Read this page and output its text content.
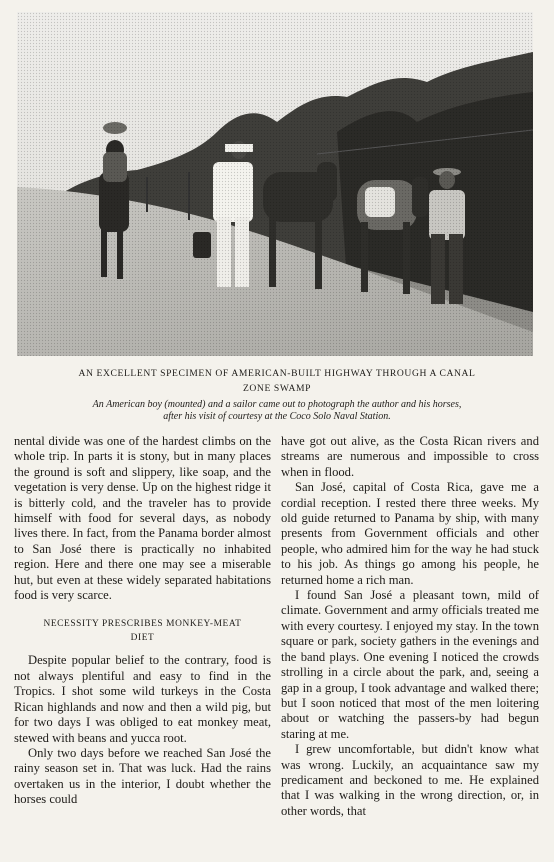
AN EXCELLENT SPECIMEN OF AMERICAN-BUILT HIGHWAY THROUGH A CANAL
ZONE SWAMP
An American boy (mounted) and a sailor came out to photograph the author and his horses,
after his visit of courtesy at the Coco Solo Naval Station.

nental divide was one of the hardest climbs on the whole trip. In parts it is stony, but in many places the ground is soft and slippery, like soap, and the vegetation is very dense. Up on the highest ridge it is bitterly cold, and the traveler has to provide himself with food for several days, as nobody lives there. In fact, from the Panama border almost to San José there is practically no inhabited region. Here and there one may see a miserable hut, but even at these widely separated habitations food is very scarce.

NECESSITY PRESCRIBES MONKEY-MEAT
DIET

Despite popular belief to the contrary, food is not always plentiful and easy to find in the Tropics. I shot some wild turkeys in the Costa Rican highlands and now and then a wild pig, but for two days I was obliged to eat monkey meat, stewed with beans and yucca root.

Only two days before we reached San José the rainy season set in. That was luck. Had the rains overtaken us in the interior, I doubt whether the horses could

have got out alive, as the Costa Rican rivers and streams are numerous and impossible to cross when in flood.

San José, capital of Costa Rica, gave me a cordial reception. I rested there three weeks. My old guide returned to Panama by ship, with many presents from Government officials and other people, who admired him for the way he had stuck to his job. As things go among his people, he returned home a rich man.

I found San José a pleasant town, mild of climate. Government and army officials treated me with every courtesy. I enjoyed my stay. In the town square or park, society gathers in the evenings and the band plays. One evening I noticed the crowds strolling in a circle about the park, and, seeing a gap in a group, I took advantage and walked there; but I soon noticed that most of the men loitering about or watching the passers-by had begun staring at me.

I grew uncomfortable, but didn't know what was wrong. Luckily, an acquaintance saw my predicament and beckoned to me. He explained that I was walking in the wrong direction, or, in other words, that
